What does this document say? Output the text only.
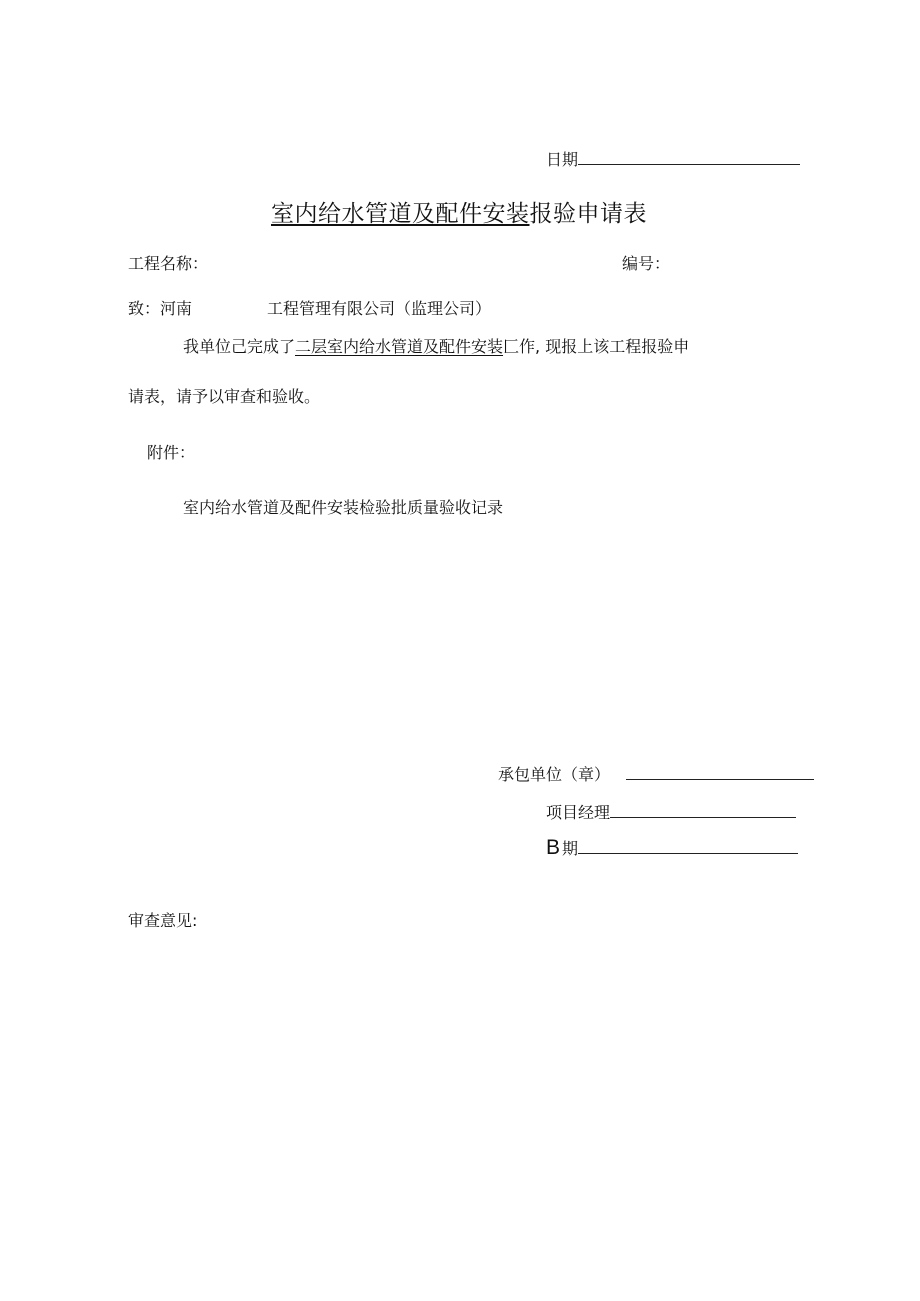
日期
室内给水管道及配件安装报验申请表
工程名称：	编号：
致：河南	工程管理有限公司（监理公司）
我单位己完成了二层室内给水管道及配件安装匚作, 现报上该工程报验申
请表，请予以审查和验收。
附件：
室内给水管道及配件安装检验批质量验收记录
承包单位（章）
项目经理
B 期
审查意见:
